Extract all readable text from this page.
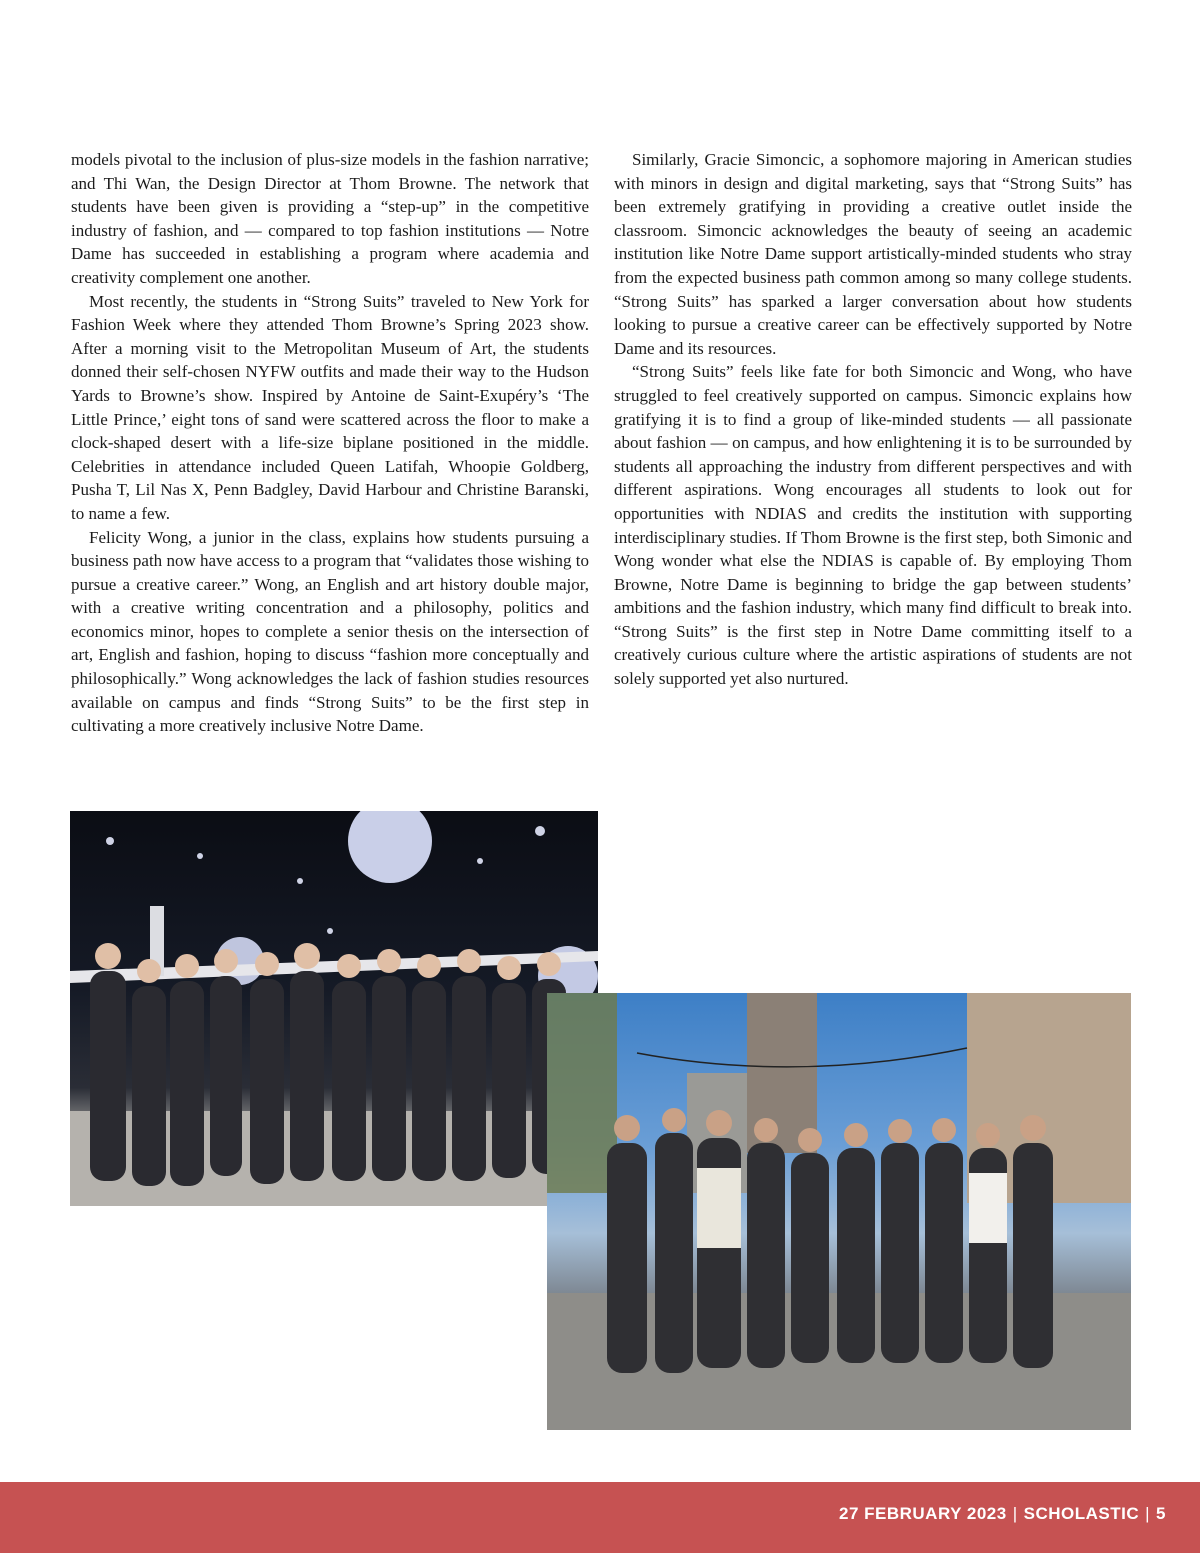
models pivotal to the inclusion of plus-size models in the fashion narrative; and Thi Wan, the Design Director at Thom Browne. The network that students have been given is providing a “step-up” in the competitive industry of fashion, and — compared to top fashion institutions — Notre Dame has succeeded in establishing a program where academia and creativity complement one another.

Most recently, the students in “Strong Suits” traveled to New York for Fashion Week where they attended Thom Browne’s Spring 2023 show. After a morning visit to the Metropolitan Museum of Art, the students donned their self-chosen NYFW outfits and made their way to the Hudson Yards to Browne’s show. Inspired by Antoine de Saint-Exupéry’s ‘The Little Prince,’ eight tons of sand were scattered across the floor to make a clock-shaped desert with a life-size biplane positioned in the middle. Celebrities in attendance included Queen Latifah, Whoopie Goldberg, Pusha T, Lil Nas X, Penn Badgley, David Harbour and Christine Baranski, to name a few.

Felicity Wong, a junior in the class, explains how students pursuing a business path now have access to a program that “validates those wishing to pursue a creative career.” Wong, an English and art history double major, with a creative writing concentration and a philosophy, politics and economics minor, hopes to complete a senior thesis on the intersection of art, English and fashion, hoping to discuss “fashion more conceptually and philosophically.” Wong acknowledges the lack of fashion studies resources available on campus and finds “Strong Suits” to be the first step in cultivating a more creatively inclusive Notre Dame.

Similarly, Gracie Simoncic, a sophomore majoring in American studies with minors in design and digital marketing, says that “Strong Suits” has been extremely gratifying in providing a creative outlet inside the classroom. Simoncic acknowledges the beauty of seeing an academic institution like Notre Dame support artistically-minded students who stray from the expected business path common among so many college students. “Strong Suits” has sparked a larger conversation about how students looking to pursue a creative career can be effectively supported by Notre Dame and its resources.

“Strong Suits” feels like fate for both Simoncic and Wong, who have struggled to feel creatively supported on campus. Simoncic explains how gratifying it is to find a group of like-minded students — all passionate about fashion — on campus, and how enlightening it is to be surrounded by students all approaching the industry from different perspectives and with different aspirations. Wong encourages all students to look out for opportunities with NDIAS and credits the institution with supporting interdisciplinary studies. If Thom Browne is the first step, both Simonic and Wong wonder what else the NDIAS is capable of. By employing Thom Browne, Notre Dame is beginning to bridge the gap between students’ ambitions and the fashion industry, which many find difficult to break into. “Strong Suits” is the first step in Notre Dame committing itself to a creatively curious culture where the artistic aspirations of students are not solely supported yet also nurtured.

27 FEBRUARY 2023 | SCHOLASTIC | 5
